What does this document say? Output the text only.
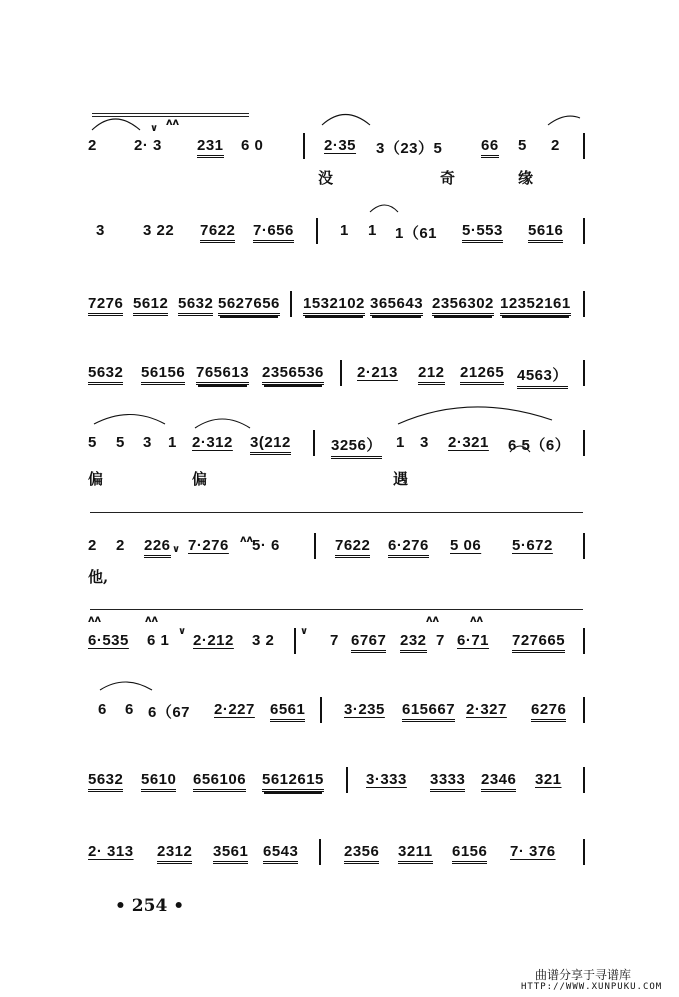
2 2· 3 231 6 0	2·35 3（23）5	66 5 2
没	奇	缘
3	3 22 7622 7·656	1 1 1（61 5·553 5616
7276 5612 5632 5627656 1532102 365643 2356302 12352161
5632 56156 765613 2356536 2·213 212 21265 4563）
5 5 3 1 2·312 3(212	3256） 1 3 2·321 6 5（6）
偏	偏	遇
2 2 226 7·276 5· 6	7622 6·276 5 06 5·672
他,
6·535 6 1 2·212 3 2	7 6767 232 7 6·71 727665
6 6 6（67 2·227 6561	3·235 615667 2·327 6276
5632 5610 656106 5612615	3·333 3333 2346 321
2· 313 2312 3561 6543	2356 3211 6156 7· 376
∨
ʌʌ
∨
ʌʌ
ʌʌ
∨	∨
ʌʌ	ʌʌ
ʌʌ
• 254 •
曲谱分享于寻谱库
HTTP://WWW.XUNPUKU.COM
